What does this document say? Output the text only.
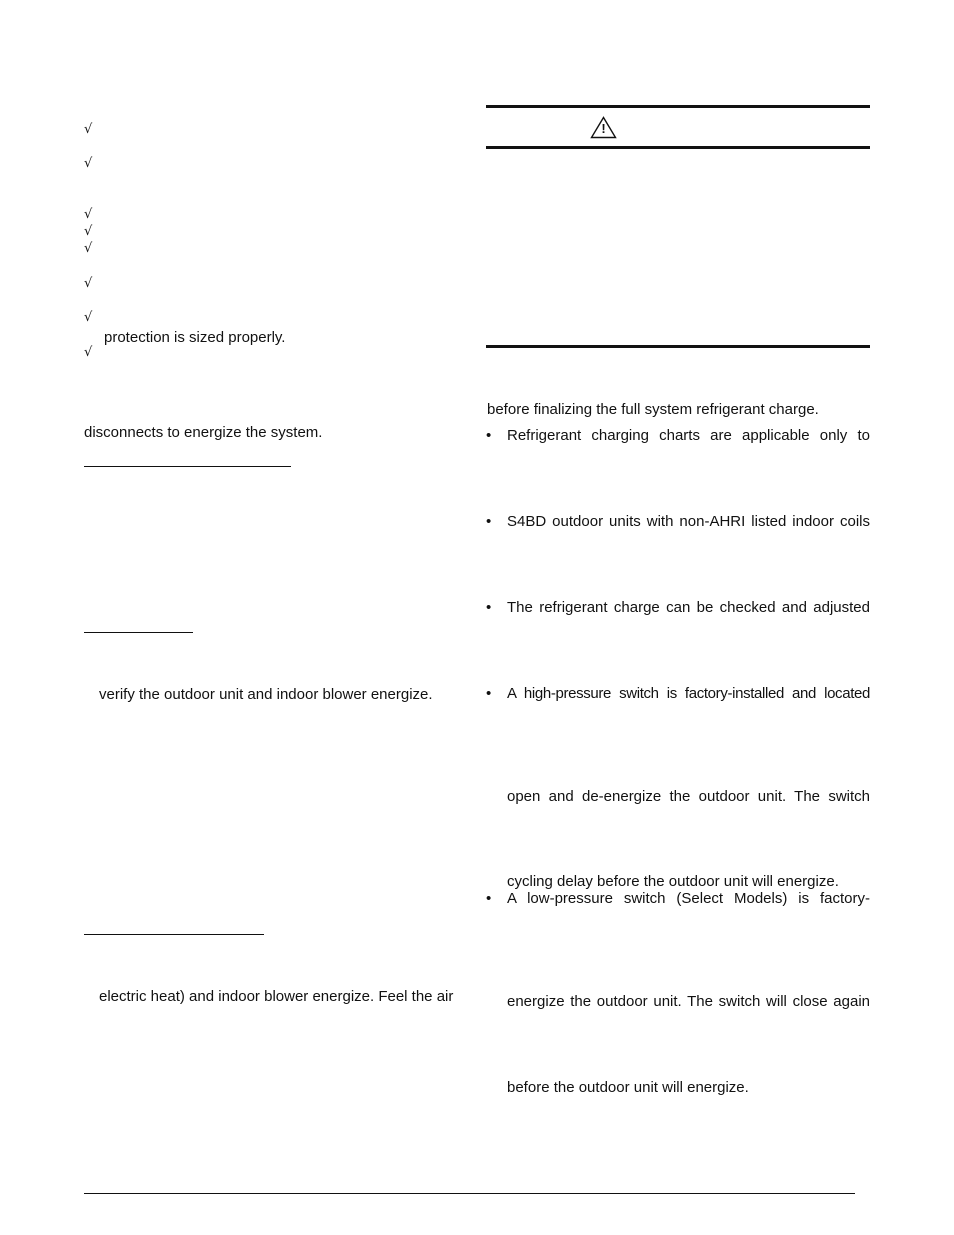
√
√
√
√
√
√
√
protection is sized properly.
√
disconnects to energize the system.
verify the outdoor unit and indoor blower energize.
electric heat) and indoor blower energize. Feel the air
!
before finalizing the full system refrigerant charge.
• Refrigerant charging charts are applicable only to
• S4BD outdoor units with non-AHRI listed indoor coils
• The refrigerant charge can be checked and adjusted
• A high-pressure switch is factory-installed and located
open and de-energize the outdoor unit. The switch
cycling delay before the outdoor unit will energize.
• A low-pressure switch (Select Models) is factory-
energize the outdoor unit. The switch will close again
before the outdoor unit will energize.
